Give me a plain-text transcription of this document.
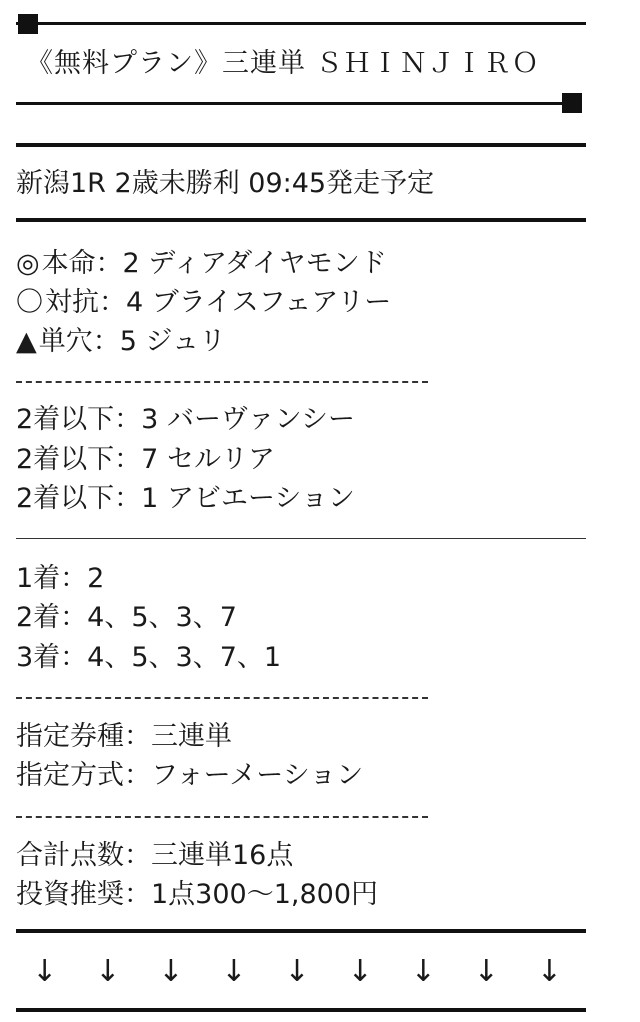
《無料プラン》三連単 ＳＨＩＮＪＩＲＯ
新潟1R 2歳未勝利 09:45発走予定
◎本命：2 ディアダイヤモンド
〇対抗：4 ブライスフェアリー
▲単穴：5 ジュリ
2着以下：3 バーヴァンシー
2着以下：7 セルリア
2着以下：1 アビエーション
1着：2
2着：4、5、3、7
3着：4、5、3、7、1
指定券種：三連単
指定方式：フォーメーション
合計点数：三連単16点
投資推奨：1点300〜1,800円
↓ ↓ ↓ ↓ ↓ ↓ ↓ ↓ ↓
